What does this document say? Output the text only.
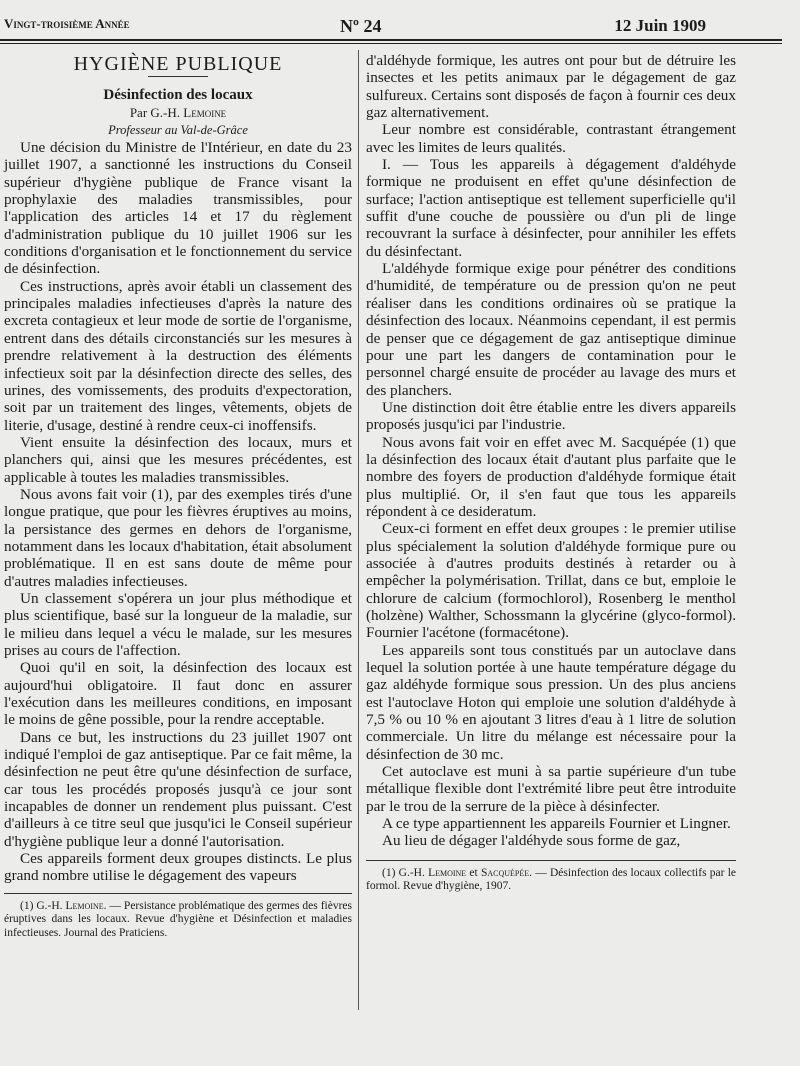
Vingt-troisième Année	Nº 24	12 Juin 1909

HYGIÈNE PUBLIQUE

Désinfection des locaux

Par G.-H. Lemoine

Professeur au Val-de-Grâce

Une décision du Ministre de l'Intérieur, en date du 23 juillet 1907, a sanctionné les instructions du Conseil supérieur d'hygiène publique de France visant la prophylaxie des maladies transmissibles, pour l'application des articles 14 et 17 du règlement d'administration publique du 10 juillet 1906 sur les conditions d'organisation et le fonctionnement du service de désinfection.

Ces instructions, après avoir établi un classement des principales maladies infectieuses d'après la nature des excreta contagieux et leur mode de sortie de l'organisme, entrent dans des détails circonstanciés sur les mesures à prendre relativement à la destruction des éléments infectieux soit par la désinfection directe des selles, des urines, des vomissements, des produits d'expectoration, soit par un traitement des linges, vêtements, objets de literie, d'usage, destiné à rendre ceux-ci inoffensifs.

Vient ensuite la désinfection des locaux, murs et planchers qui, ainsi que les mesures précédentes, est applicable à toutes les maladies transmissibles.

Nous avons fait voir (1), par des exemples tirés d'une longue pratique, que pour les fièvres éruptives au moins, la persistance des germes en dehors de l'organisme, notamment dans les locaux d'habitation, était absolument problématique. Il en est sans doute de même pour d'autres maladies infectieuses.

Un classement s'opérera un jour plus méthodique et plus scientifique, basé sur la longueur de la maladie, sur le milieu dans lequel a vécu le malade, sur les mesures prises au cours de l'affection.

Quoi qu'il en soit, la désinfection des locaux est aujourd'hui obligatoire. Il faut donc en assurer l'exécution dans les meilleures conditions, en imposant le moins de gêne possible, pour la rendre acceptable.

Dans ce but, les instructions du 23 juillet 1907 ont indiqué l'emploi de gaz antiseptique. Par ce fait même, la désinfection ne peut être qu'une désinfection de surface, car tous les procédés proposés jusqu'à ce jour sont incapables de donner un rendement plus puissant. C'est d'ailleurs à ce titre seul que jusqu'ici le Conseil supérieur d'hygiène publique leur a donné l'autorisation.

Ces appareils forment deux groupes distincts. Le plus grand nombre utilise le dégagement des vapeurs

(1) G.-H. Lemoine. — Persistance problématique des germes des fièvres éruptives dans les locaux. Revue d'hygiène et Désinfection et maladies infectieuses. Journal des Praticiens.

d'aldéhyde formique, les autres ont pour but de détruire les insectes et les petits animaux par le dégagement de gaz sulfureux. Certains sont disposés de façon à fournir ces deux gaz alternativement.

Leur nombre est considérable, contrastant étrangement avec les limites de leurs qualités.

I. — Tous les appareils à dégagement d'aldéhyde formique ne produisent en effet qu'une désinfection de surface; l'action antiseptique est tellement superficielle qu'il suffit d'une couche de poussière ou d'un pli de linge recouvrant la surface à désinfecter, pour annihiler les effets du désinfectant.

L'aldéhyde formique exige pour pénétrer des conditions d'humidité, de température ou de pression qu'on ne peut réaliser dans les conditions ordinaires où se pratique la désinfection des locaux. Néanmoins cependant, il est permis de penser que ce dégagement de gaz antiseptique diminue pour une part les dangers de contamination pour le personnel chargé ensuite de procéder au lavage des murs et des planchers.

Une distinction doit être établie entre les divers appareils proposés jusqu'ici par l'industrie.

Nous avons fait voir en effet avec M. Sacquépée (1) que la désinfection des locaux était d'autant plus parfaite que le nombre des foyers de production d'aldéhyde formique était plus multiplié. Or, il s'en faut que tous les appareils répondent à ce desideratum.

Ceux-ci forment en effet deux groupes : le premier utilise plus spécialement la solution d'aldéhyde formique pure ou associée à d'autres produits destinés à retarder ou à empêcher la polymérisation. Trillat, dans ce but, emploie le chlorure de calcium (formochlorol), Rosenberg le menthol (holzène) Walther, Schossmann la glycérine (glyco-formol). Fournier l'acétone (formacétone).

Les appareils sont tous constitués par un autoclave dans lequel la solution portée à une haute température dégage du gaz aldéhyde formique sous pression. Un des plus anciens est l'autoclave Hoton qui emploie une solution d'aldéhyde à 7,5 % ou 10 % en ajoutant 3 litres d'eau à 1 litre de solution commerciale. Un litre du mélange est nécessaire pour la désinfection de 30 mc.

Cet autoclave est muni à sa partie supérieure d'un tube métallique flexible dont l'extrémité libre peut être introduite par le trou de la serrure de la pièce à désinfecter.

A ce type appartiennent les appareils Fournier et Lingner.

Au lieu de dégager l'aldéhyde sous forme de gaz,

(1) G.-H. Lemoine et Sacquépée. — Désinfection des locaux collectifs par le formol. Revue d'hygiène, 1907.
